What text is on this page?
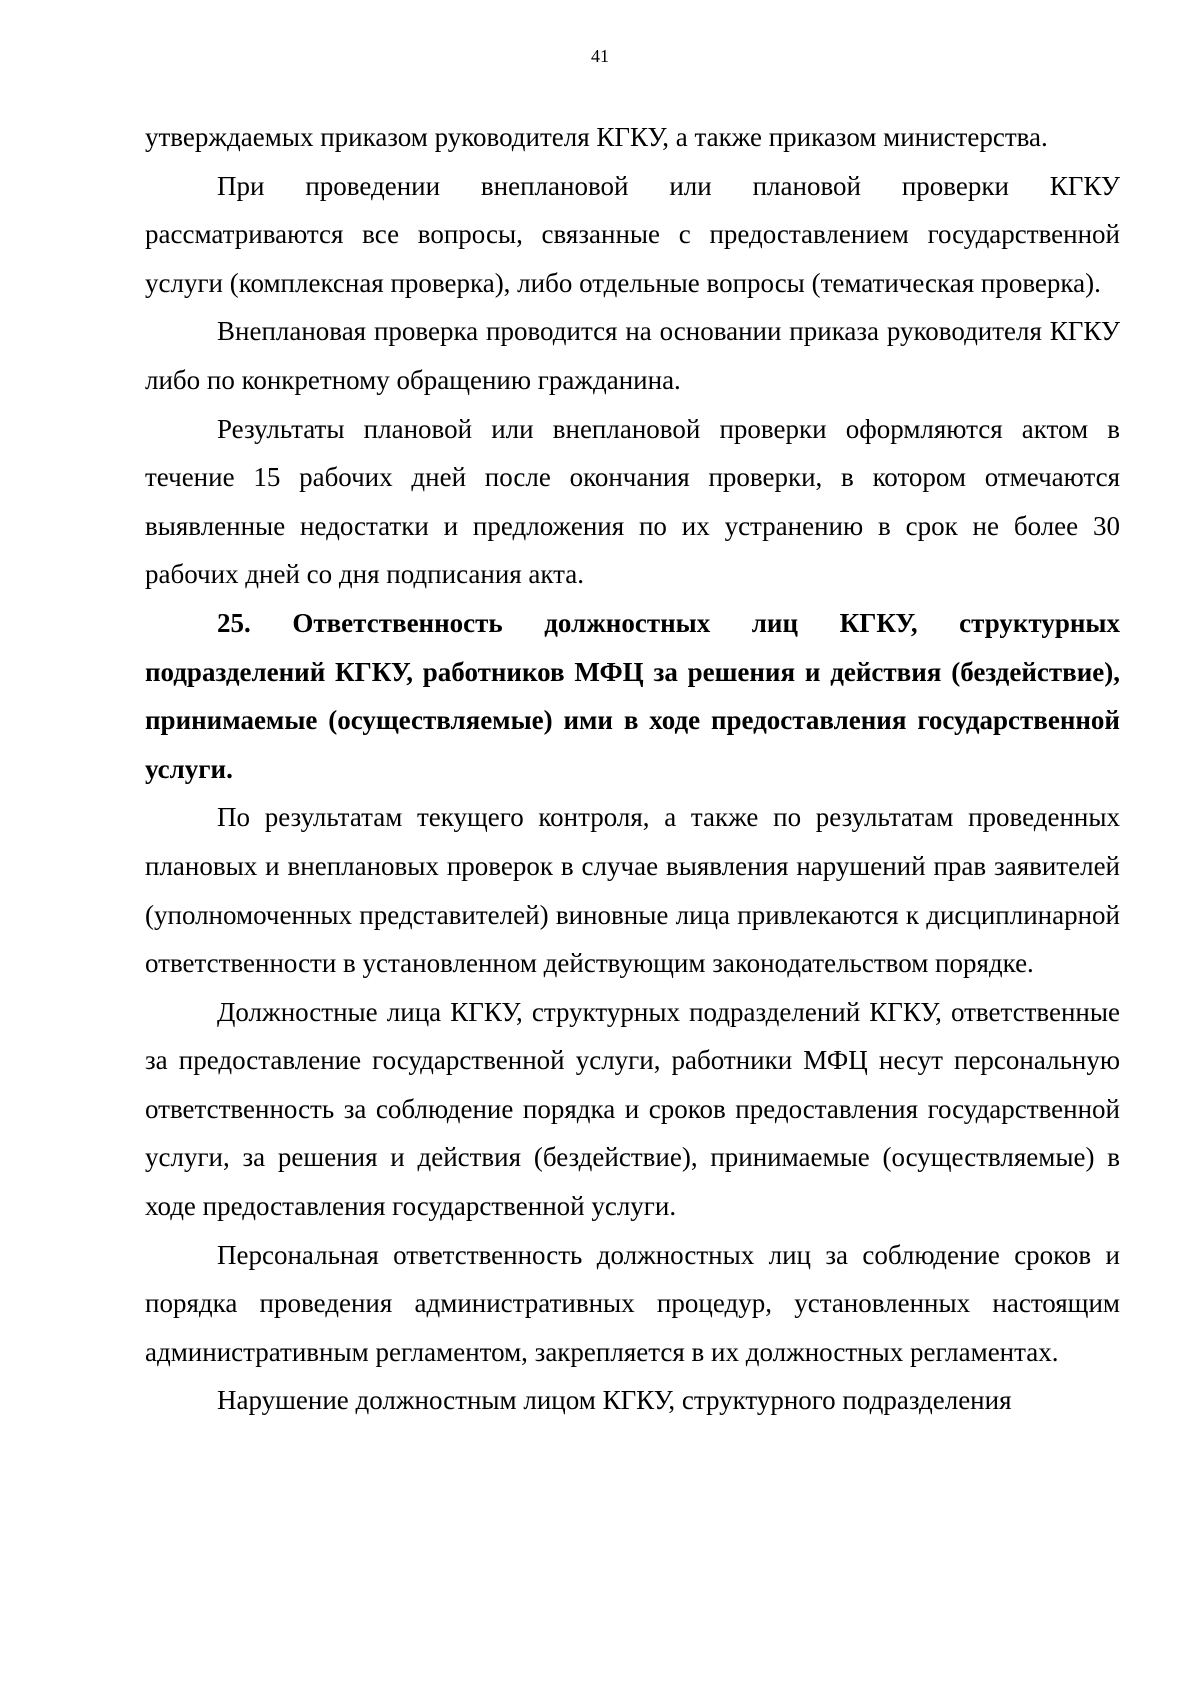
41

утверждаемых приказом руководителя КГКУ, а также приказом министерства.

При проведении внеплановой или плановой проверки КГКУ рассматриваются все вопросы, связанные с предоставлением государственной услуги (комплексная проверка), либо отдельные вопросы (тематическая проверка).

Внеплановая проверка проводится на основании приказа руководителя КГКУ либо по конкретному обращению гражданина.

Результаты плановой или внеплановой проверки оформляются актом в течение 15 рабочих дней после окончания проверки, в котором отмечаются выявленные недостатки и предложения по их устранению в срок не более 30 рабочих дней со дня подписания акта.

25. Ответственность должностных лиц КГКУ, структурных подразделений КГКУ, работников МФЦ за решения и действия (бездействие), принимаемые (осуществляемые) ими в ходе предоставления государственной услуги.

По результатам текущего контроля, а также по результатам проведенных плановых и внеплановых проверок в случае выявления нарушений прав заявителей (уполномоченных представителей) виновные лица привлекаются к дисциплинарной ответственности в установленном действующим законодательством порядке.

Должностные лица КГКУ, структурных подразделений КГКУ, ответственные за предоставление государственной услуги, работники МФЦ несут персональную ответственность за соблюдение порядка и сроков предоставления государственной услуги, за решения и действия (бездействие), принимаемые (осуществляемые) в ходе предоставления государственной услуги.

Персональная ответственность должностных лиц за соблюдение сроков и порядка проведения административных процедур, установленных настоящим административным регламентом, закрепляется в их должностных регламентах.

Нарушение должностным лицом КГКУ, структурного подразделения
